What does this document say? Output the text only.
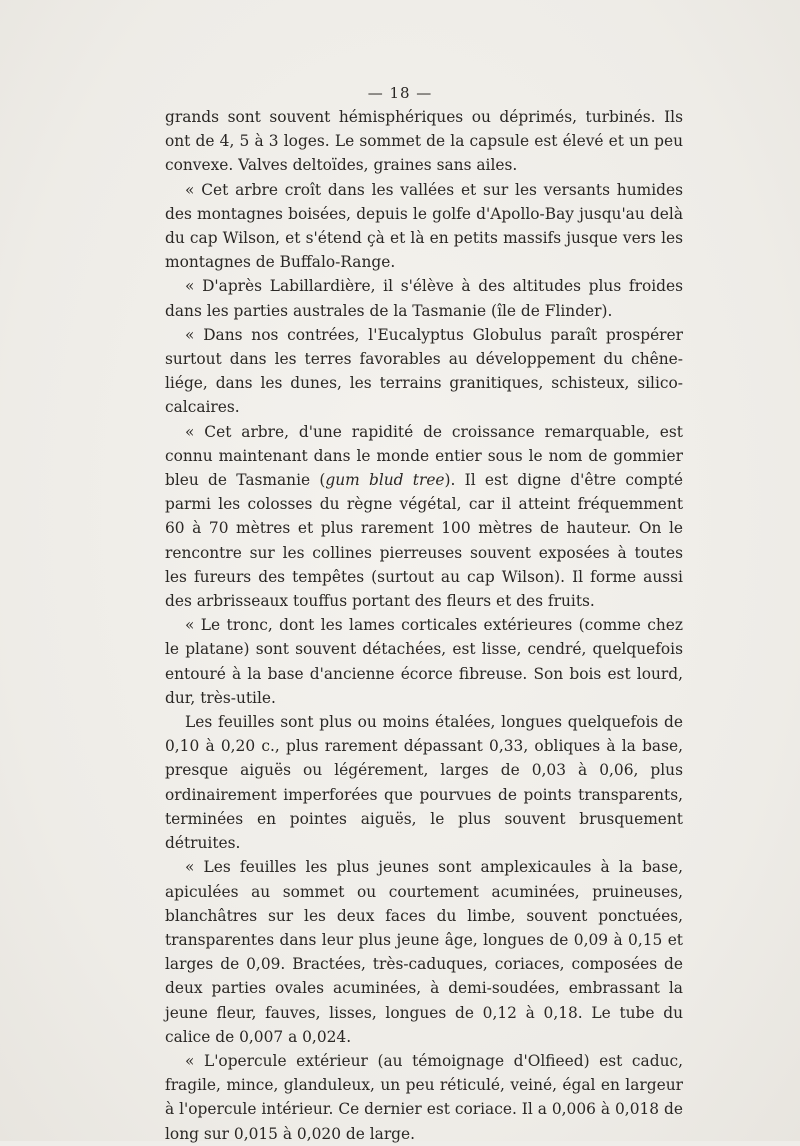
— 18 —

grands sont souvent hémisphériques ou déprimés, turbinés. Ils ont de 4, 5 à 3 loges. Le sommet de la capsule est élevé et un peu convexe. Valves deltoïdes, graines sans ailes.

« Cet arbre croît dans les vallées et sur les versants humides des montagnes boisées, depuis le golfe d'Apollo-Bay jusqu'au delà du cap Wilson, et s'étend çà et là en petits massifs jusque vers les montagnes de Buffalo-Range.

« D'après Labillardière, il s'élève à des altitudes plus froides dans les parties australes de la Tasmanie (île de Flinder).

« Dans nos contrées, l'Eucalyptus Globulus paraît prospérer surtout dans les terres favorables au développement du chêne-liége, dans les dunes, les terrains granitiques, schisteux, silico-calcaires.

« Cet arbre, d'une rapidité de croissance remarquable, est connu maintenant dans le monde entier sous le nom de gommier bleu de Tasmanie (gum blud tree). Il est digne d'être compté parmi les colosses du règne végétal, car il atteint fréquemment 60 à 70 mètres et plus rarement 100 mètres de hauteur. On le rencontre sur les collines pierreuses souvent exposées à toutes les fureurs des tempêtes (surtout au cap Wilson). Il forme aussi des arbrisseaux touffus portant des fleurs et des fruits.

« Le tronc, dont les lames corticales extérieures (comme chez le platane) sont souvent détachées, est lisse, cendré, quelquefois entouré à la base d'ancienne écorce fibreuse. Son bois est lourd, dur, très-utile.

Les feuilles sont plus ou moins étalées, longues quelquefois de 0,10 à 0,20 c., plus rarement dépassant 0,33, obliques à la base, presque aiguës ou légérement, larges de 0,03 à 0,06, plus ordinairement imperforées que pourvues de points transparents, terminées en pointes aiguës, le plus souvent brusquement détruites.

« Les feuilles les plus jeunes sont amplexicaules à la base, apiculées au sommet ou courtement acuminées, pruineuses, blanchâtres sur les deux faces du limbe, souvent ponctuées, transparentes dans leur plus jeune âge, longues de 0,09 à 0,15 et larges de 0,09. Bractées, très-caduques, coriaces, composées de deux parties ovales acuminées, à demi-soudées, embrassant la jeune fleur, fauves, lisses, longues de 0,12 à 0,18. Le tube du calice de 0,007 a 0,024.

« L'opercule extérieur (au témoignage d'Olfieed) est caduc, fragile, mince, glanduleux, un peu réticulé, veiné, égal en largeur à l'opercule intérieur. Ce dernier est coriace. Il a 0,006 à 0,018 de long sur 0,015 à 0,020 de large.
